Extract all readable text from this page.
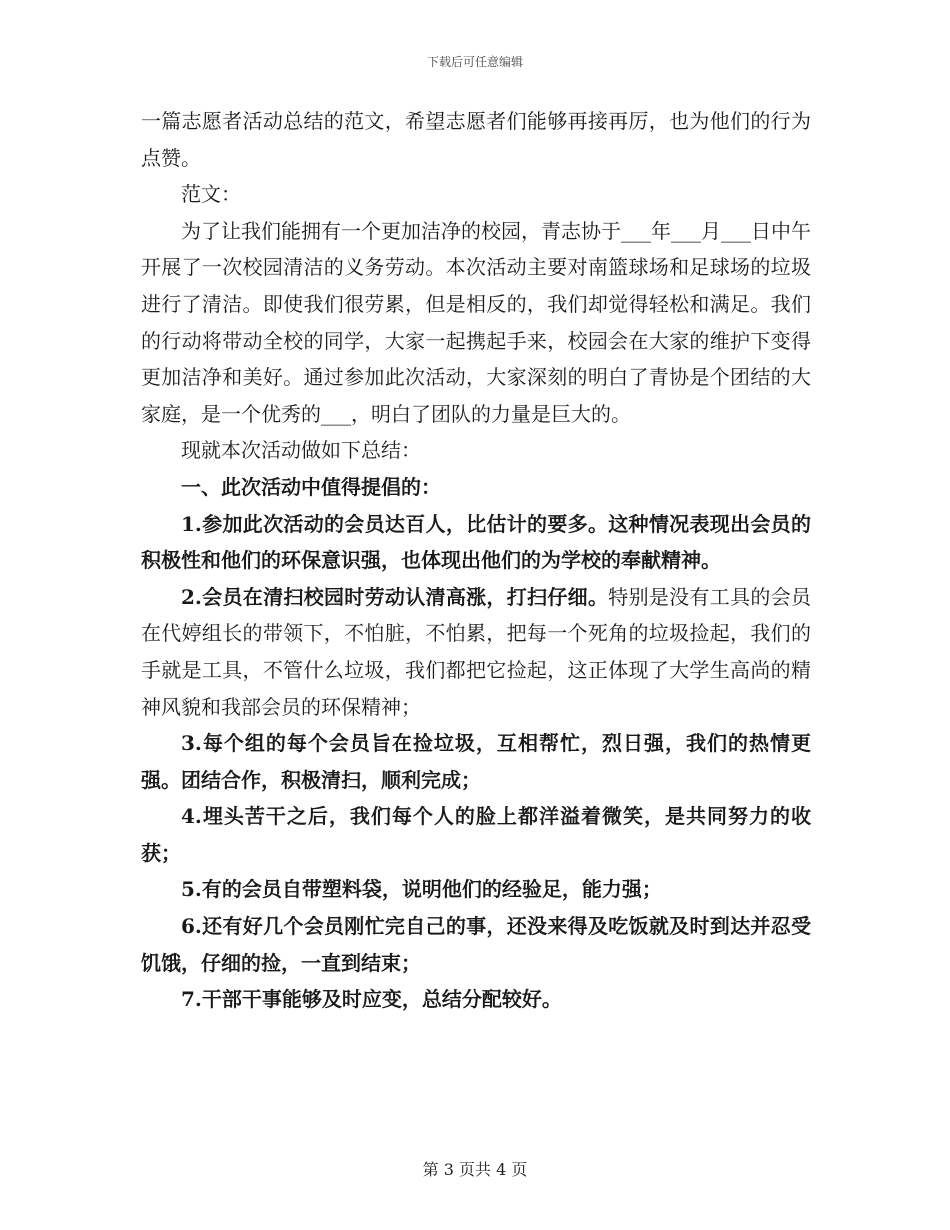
下载后可任意编辑

一篇志愿者活动总结的范文，希望志愿者们能够再接再厉，也为他们的行为点赞。

范文：

为了让我们能拥有一个更加洁净的校园，青志协于___年___月___日中午开展了一次校园清洁的义务劳动。本次活动主要对南篮球场和足球场的垃圾进行了清洁。即使我们很劳累，但是相反的，我们却觉得轻松和满足。我们的行动将带动全校的同学，大家一起携起手来，校园会在大家的维护下变得更加洁净和美好。通过参加此次活动，大家深刻的明白了青协是个团结的大家庭，是一个优秀的___，明白了团队的力量是巨大的。

现就本次活动做如下总结：

一、此次活动中值得提倡的：

1.参加此次活动的会员达百人，比估计的要多。这种情况表现出会员的积极性和他们的环保意识强，也体现出他们的为学校的奉献精神。

2.会员在清扫校园时劳动认清高涨，打扫仔细。特别是没有工具的会员在代婷组长的带领下，不怕脏，不怕累，把每一个死角的垃圾捡起，我们的手就是工具，不管什么垃圾，我们都把它捡起，这正体现了大学生高尚的精神风貌和我部会员的环保精神；

3.每个组的每个会员旨在捡垃圾，互相帮忙，烈日强，我们的热情更强。团结合作，积极清扫，顺利完成；

4.埋头苦干之后，我们每个人的脸上都洋溢着微笑，是共同努力的收获；

5.有的会员自带塑料袋，说明他们的经验足，能力强；

6.还有好几个会员刚忙完自己的事，还没来得及吃饭就及时到达并忍受饥饿，仔细的捡，一直到结束；

7.干部干事能够及时应变，总结分配较好。

第 3 页共 4 页
